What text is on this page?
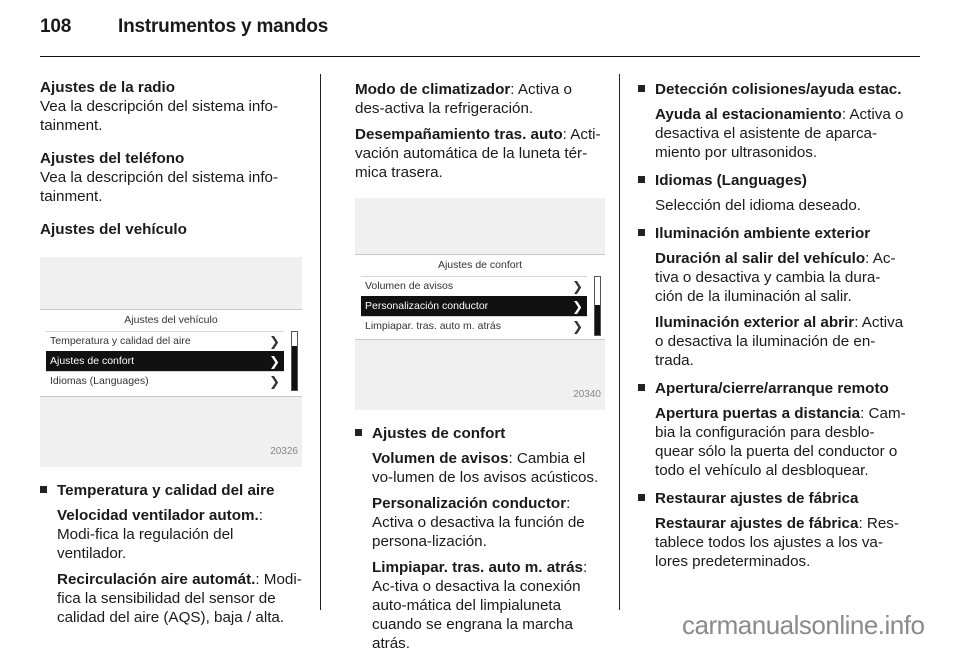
108 Instrumentos y mandos

Ajustes de la radio
Vea la descripción del sistema info-tainment.

Ajustes del teléfono
Vea la descripción del sistema info-tainment.

Ajustes del vehículo

Ajustes del vehículo
Temperatura y calidad del aire	❯
Ajustes de confort	❯
Idiomas (Languages)	❯
20326
Temperatura y calidad del aire

Velocidad ventilador autom.: Modi-fica la regulación del ventilador.

Recirculación aire automát.: Modi-fica la sensibilidad del sensor de calidad del aire (AQS), baja / alta.

Modo de climatizador: Activa o des-activa la refrigeración.

Desempañamiento tras. auto: Acti-vación automática de la luneta tér-mica trasera.

Ajustes de confort
Volumen de avisos	❯
Personalización conductor	❯
Limpiapar. tras. auto m. atrás	❯
20340
Ajustes de confort

Volumen de avisos: Cambia el vo-lumen de los avisos acústicos.

Personalización conductor: Activa o desactiva la función de persona-lización.

Limpiapar. tras. auto m. atrás: Ac-tiva o desactiva la conexión auto-mática del limpialuneta cuando se engrana la marcha atrás.

Detección colisiones/ayuda estac.

Ayuda al estacionamiento: Activa o desactiva el asistente de aparca-miento por ultrasonidos.

Idiomas (Languages)

Selección del idioma deseado.

Iluminación ambiente exterior

Duración al salir del vehículo: Ac-tiva o desactiva y cambia la dura-ción de la iluminación al salir.

Iluminación exterior al abrir: Activa o desactiva la iluminación de en-trada.

Apertura/cierre/arranque remoto

Apertura puertas a distancia: Cam-bia la configuración para desblo-quear sólo la puerta del conductor o todo el vehículo al desbloquear.

Restaurar ajustes de fábrica

Restaurar ajustes de fábrica: Res-tablece todos los ajustes a los va-lores predeterminados.

carmanualsonline.info
